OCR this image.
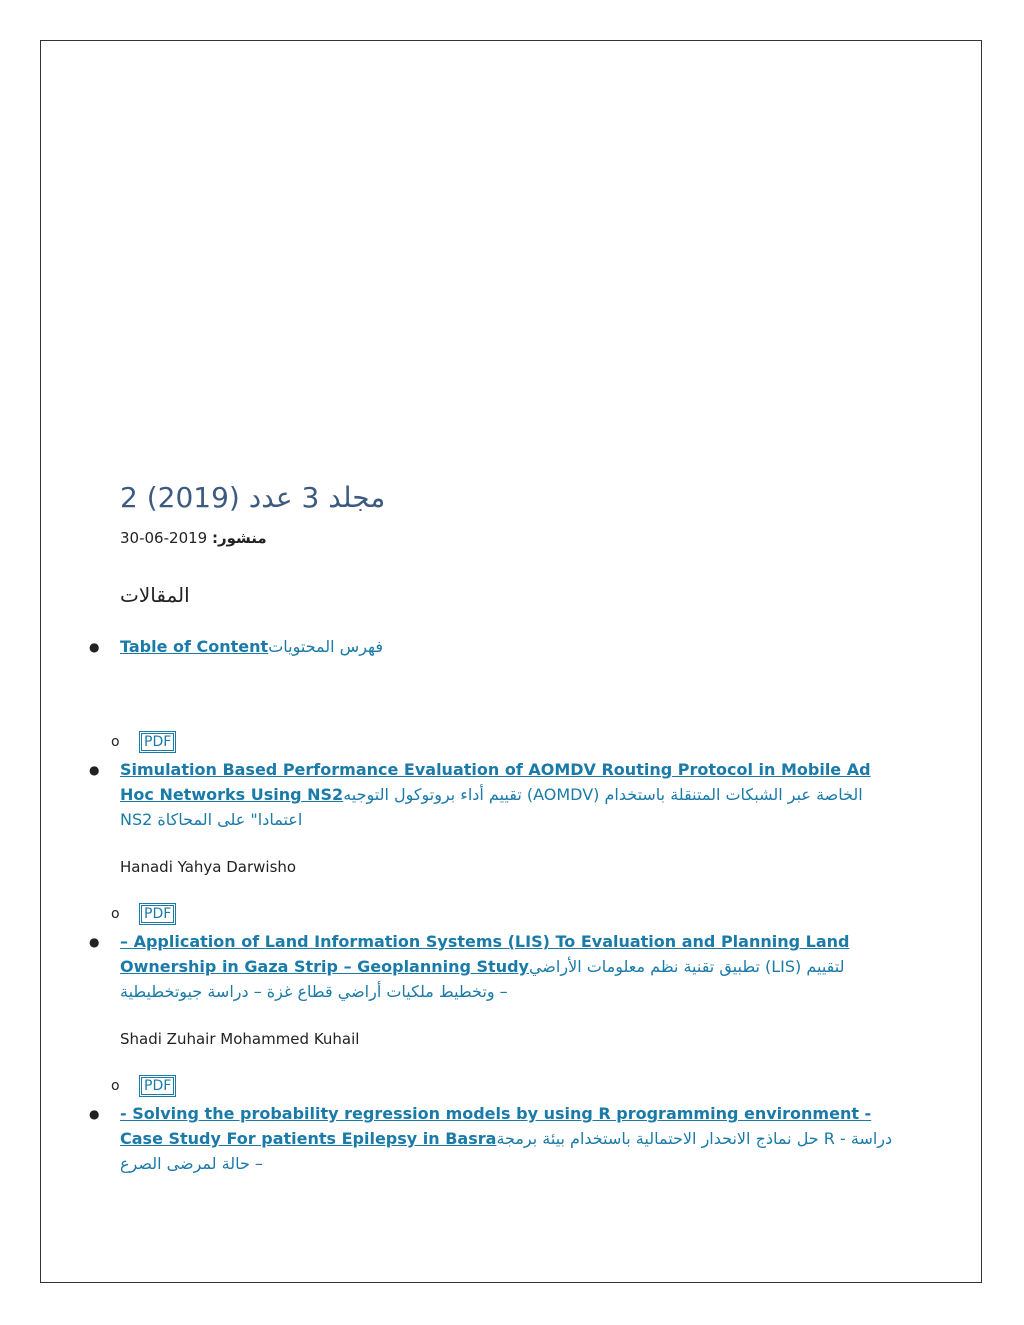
2 مجلد 3 عدد (2019)
منشور: 2019-06-30
المقالات
● Table of Contentفهرس المحتويات
o	PDF
● Simulation Based Performance Evaluation of AOMDV Routing Protocol in Mobile Ad Hoc Networks Using NS2تقييم أداء بروتوكول التوجيه (AOMDV) الخاصة عبر الشبكات المتنقلة باستخدام NS2 اعتمادا" على المحاكاة
Hanadi Yahya Darwisho
o	PDF
● – Application of Land Information Systems (LIS) To Evaluation and Planning Land Ownership in Gaza Strip – Geoplanning Studyتطبيق تقنية نظم معلومات الأراضي (LIS) لتقييم وتخطيط ملكيات أراضي قطاع غزة – دراسة جيوتخطيطية –
Shadi Zuhair Mohammed Kuhail
o	PDF
● - Solving the probability regression models by using R programming environment - Case Study For patients Epilepsy in Basraحل نماذج الانحدار الاحتمالية باستخدام بيئة برمجة R - دراسة حالة لمرضى الصرع –
